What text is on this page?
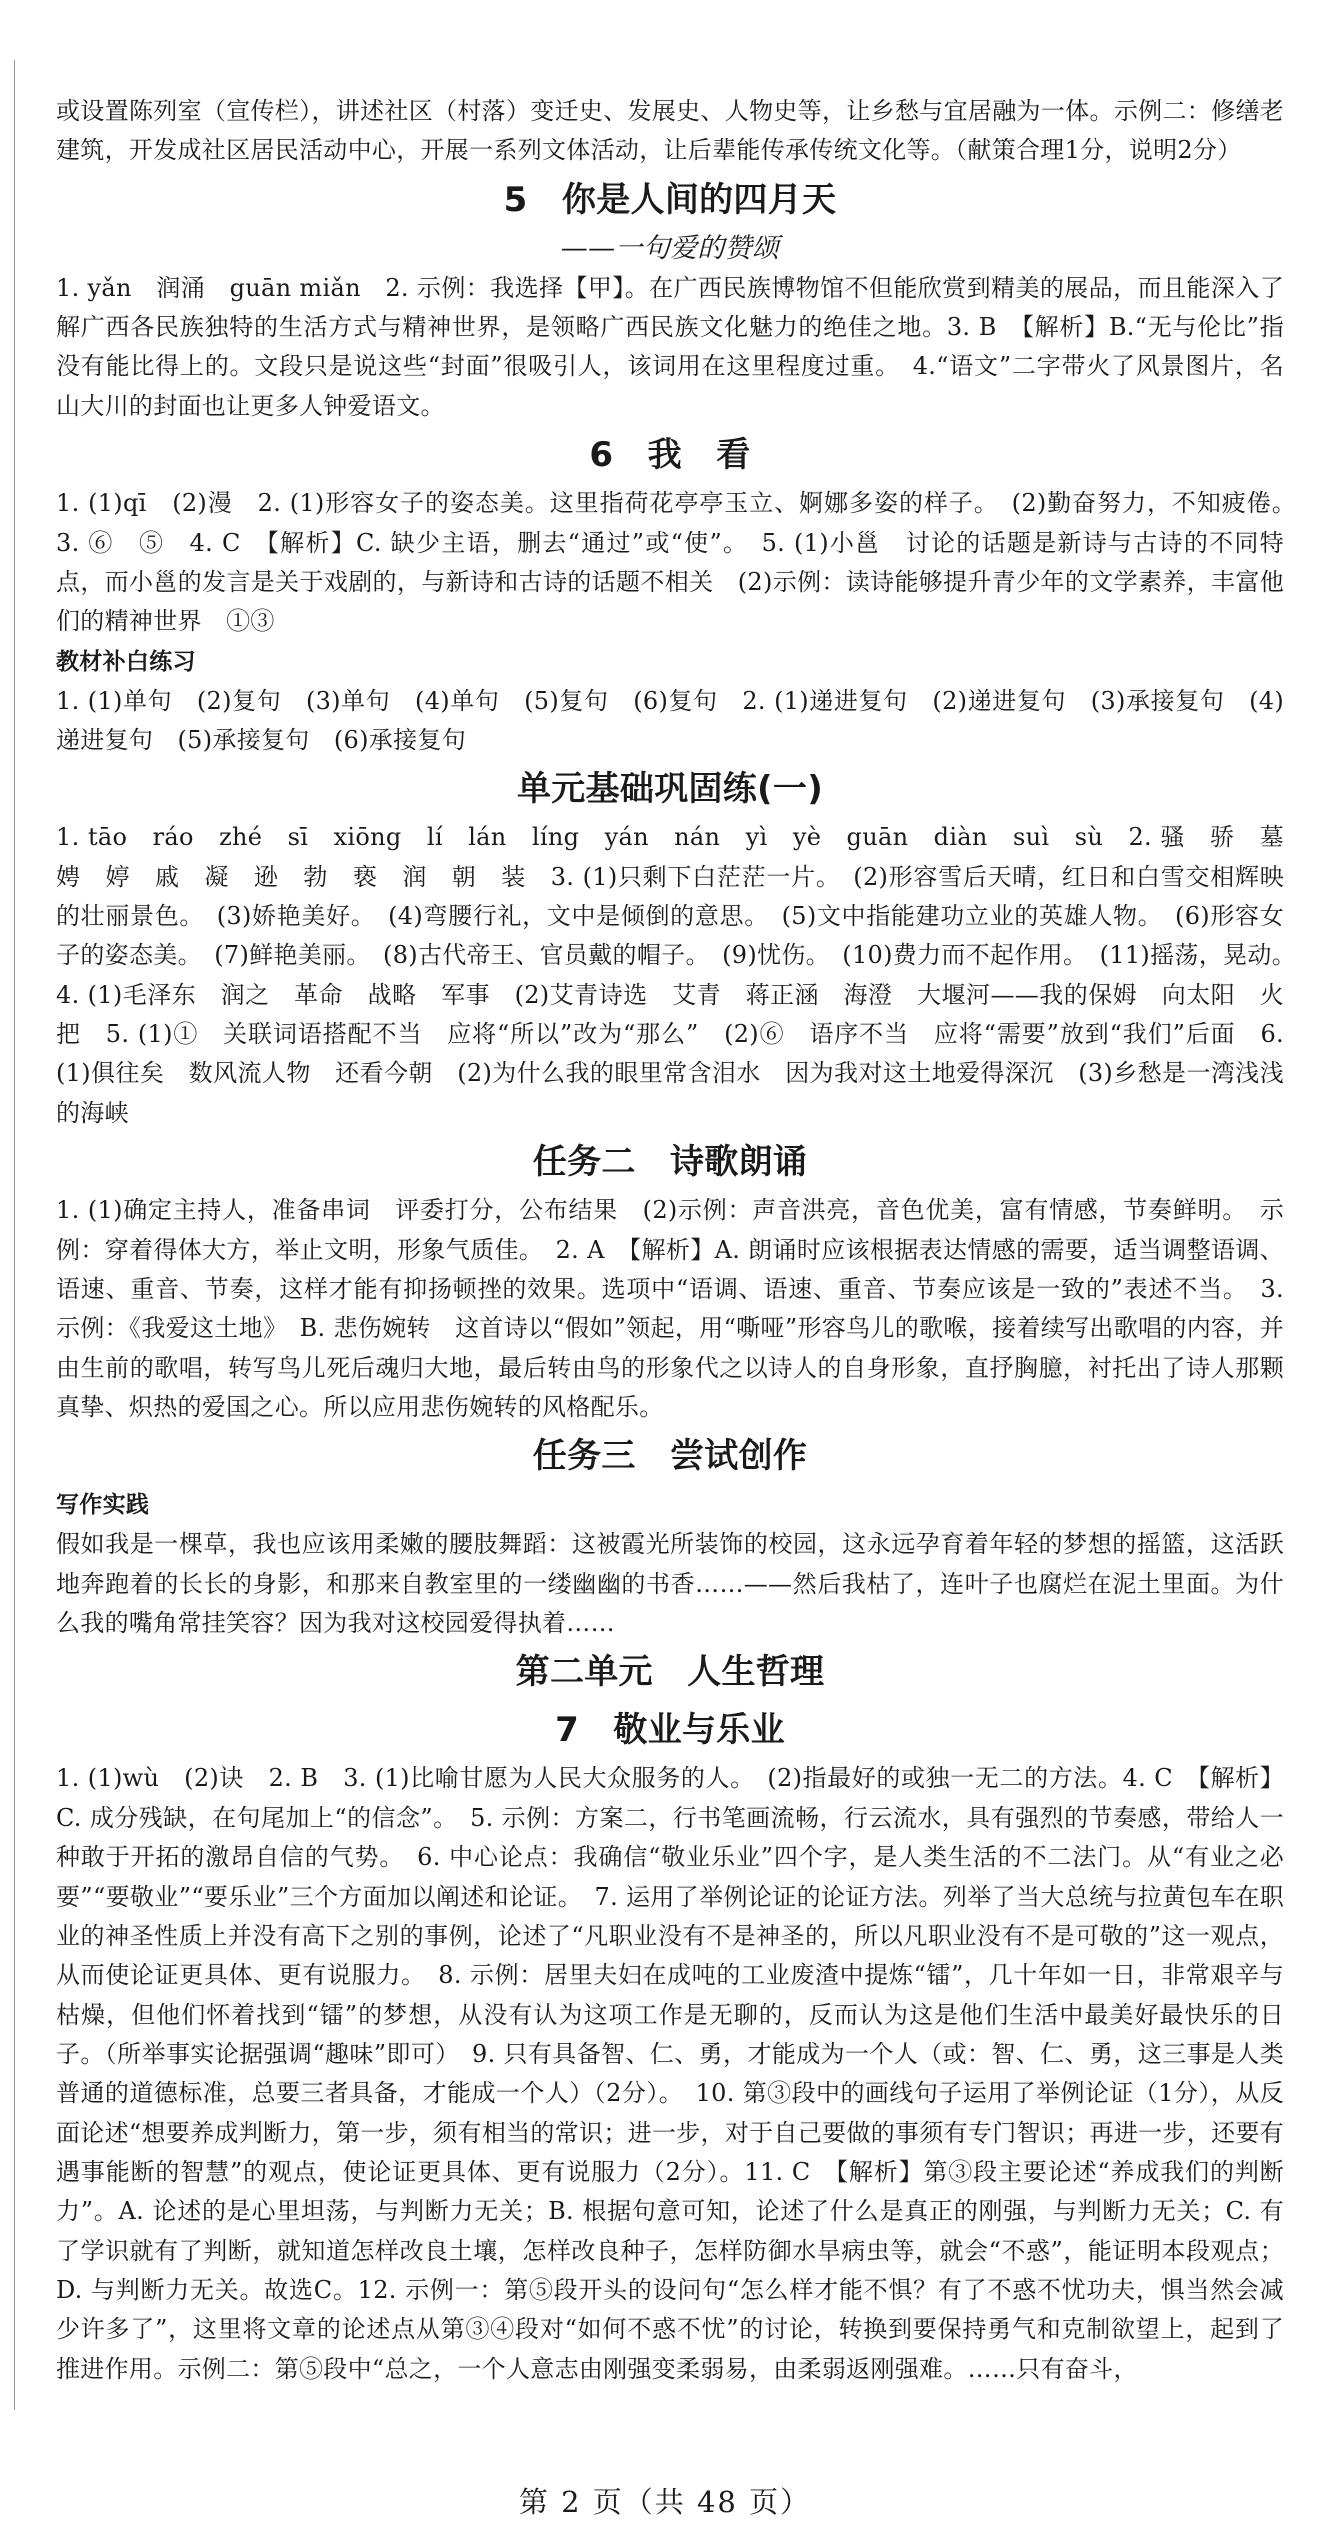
或设置陈列室（宣传栏），讲述社区（村落）变迁史、发展史、人物史等，让乡愁与宜居融为一体。示例二：修缮老建筑，开发成社区居民活动中心，开展一系列文体活动，让后辈能传承传统文化等。（献策合理1分，说明2分）

5　你是人间的四月天

——一句爱的赞颂

1. yǎn　润涌　guān miǎn　2. 示例：我选择【甲】。在广西民族博物馆不但能欣赏到精美的展品，而且能深入了解广西各民族独特的生活方式与精神世界，是领略广西民族文化魅力的绝佳之地。3. B　【解析】B.“无与伦比”指没有能比得上的。文段只是说这些“封面”很吸引人，该词用在这里程度过重。　4.“语文”二字带火了风景图片，名山大川的封面也让更多人钟爱语文。

6　我　看

1. (1)qī　(2)漫　2. (1)形容女子的姿态美。这里指荷花亭亭玉立、婀娜多姿的样子。　(2)勤奋努力，不知疲倦。　3. ⑥　⑤　4. C　【解析】C. 缺少主语，删去“通过”或“使”。　5. (1)小邕　讨论的话题是新诗与古诗的不同特点，而小邕的发言是关于戏剧的，与新诗和古诗的话题不相关　(2)示例：读诗能够提升青少年的文学素养，丰富他们的精神世界　①③

教材补白练习

1. (1)单句　(2)复句　(3)单句　(4)单句　(5)复句　(6)复句　2. (1)递进复句　(2)递进复句　(3)承接复句　(4)递进复句　(5)承接复句　(6)承接复句

单元基础巩固练(一)

1. tāo　ráo　zhé　sī　xiōng　lí　lán　líng　yán　nán　yì　yè　guān　diàn　suì　sù　2. 骚　骄　墓　娉　婷　戚　凝　逊　勃　亵　润　朝　装　3. (1)只剩下白茫茫一片。　(2)形容雪后天晴，红日和白雪交相辉映的壮丽景色。　(3)娇艳美好。　(4)弯腰行礼，文中是倾倒的意思。　(5)文中指能建功立业的英雄人物。　(6)形容女子的姿态美。　(7)鲜艳美丽。　(8)古代帝王、官员戴的帽子。　(9)忧伤。　(10)费力而不起作用。　(11)摇荡，晃动。　4. (1)毛泽东　润之　革命　战略　军事　(2)艾青诗选　艾青　蒋正涵　海澄　大堰河——我的保姆　向太阳　火把　5. (1)①　关联词语搭配不当　应将“所以”改为“那么”　(2)⑥　语序不当　应将“需要”放到“我们”后面　6. (1)俱往矣　数风流人物　还看今朝　(2)为什么我的眼里常含泪水　因为我对这土地爱得深沉　(3)乡愁是一湾浅浅的海峡

任务二　诗歌朗诵

1. (1)确定主持人，准备串词　评委打分，公布结果　(2)示例：声音洪亮，音色优美，富有情感，节奏鲜明。　示例：穿着得体大方，举止文明，形象气质佳。　2. A　【解析】A. 朗诵时应该根据表达情感的需要，适当调整语调、语速、重音、节奏，这样才能有抑扬顿挫的效果。选项中“语调、语速、重音、节奏应该是一致的”表述不当。　3. 示例：《我爱这土地》　B. 悲伤婉转　这首诗以“假如”领起，用“嘶哑”形容鸟儿的歌喉，接着续写出歌唱的内容，并由生前的歌唱，转写鸟儿死后魂归大地，最后转由鸟的形象代之以诗人的自身形象，直抒胸臆，衬托出了诗人那颗真挚、炽热的爱国之心。所以应用悲伤婉转的风格配乐。

任务三　尝试创作

写作实践

假如我是一棵草，我也应该用柔嫩的腰肢舞蹈：这被霞光所装饰的校园，这永远孕育着年轻的梦想的摇篮，这活跃地奔跑着的长长的身影，和那来自教室里的一缕幽幽的书香……——然后我枯了，连叶子也腐烂在泥土里面。为什么我的嘴角常挂笑容？因为我对这校园爱得执着……

第二单元　人生哲理
7　敬业与乐业

1. (1)wù　(2)诀　2. B　3. (1)比喻甘愿为人民大众服务的人。　(2)指最好的或独一无二的方法。4. C　【解析】C. 成分残缺，在句尾加上“的信念”。　5. 示例：方案二，行书笔画流畅，行云流水，具有强烈的节奏感，带给人一种敢于开拓的激昂自信的气势。　6. 中心论点：我确信“敬业乐业”四个字，是人类生活的不二法门。从“有业之必要”“要敬业”“要乐业”三个方面加以阐述和论证。　7. 运用了举例论证的论证方法。列举了当大总统与拉黄包车在职业的神圣性质上并没有高下之别的事例，论述了“凡职业没有不是神圣的，所以凡职业没有不是可敬的”这一观点，从而使论证更具体、更有说服力。　8. 示例：居里夫妇在成吨的工业废渣中提炼“镭”，几十年如一日，非常艰辛与枯燥，但他们怀着找到“镭”的梦想，从没有认为这项工作是无聊的，反而认为这是他们生活中最美好最快乐的日子。（所举事实论据强调“趣味”即可）　9. 只有具备智、仁、勇，才能成为一个人（或：智、仁、勇，这三事是人类普通的道德标准，总要三者具备，才能成一个人）（2分）。　10. 第③段中的画线句子运用了举例论证（1分），从反面论述“想要养成判断力，第一步，须有相当的常识；进一步，对于自己要做的事须有专门智识；再进一步，还要有遇事能断的智慧”的观点，使论证更具体、更有说服力（2分）。11. C　【解析】第③段主要论述“养成我们的判断力”。A. 论述的是心里坦荡，与判断力无关；B. 根据句意可知，论述了什么是真正的刚强，与判断力无关；C. 有了学识就有了判断，就知道怎样改良土壤，怎样改良种子，怎样防御水旱病虫等，就会“不惑”，能证明本段观点；D. 与判断力无关。故选C。12. 示例一：第⑤段开头的设问句“怎么样才能不惧？有了不惑不忧功夫，惧当然会减少许多了”，这里将文章的论述点从第③④段对“如何不惑不忧”的讨论，转换到要保持勇气和克制欲望上，起到了推进作用。示例二：第⑤段中“总之，一个人意志由刚强变柔弱易，由柔弱返刚强难。……只有奋斗，

第 2 页（共 48 页）
